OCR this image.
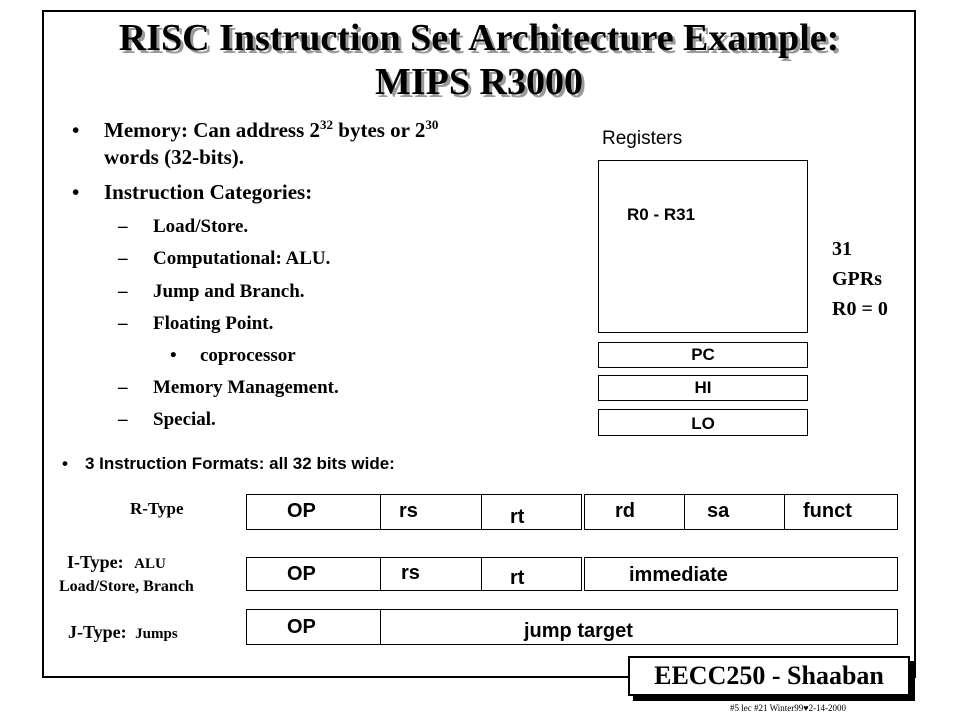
RISC Instruction Set Architecture Example:
MIPS R3000
• Memory: Can address $2^{32}$ bytes or $2^{30}$
words (32-bits).
• Instruction Categories:
– Load/Store.
– Computational: ALU.
– Jump and Branch.
– Floating Point.
• coprocessor
– Memory Management.
– Special.
Registers
R0 - R31
PC
HI
LO
31
GPRs
R0 = 0
• 3 Instruction Formats: all 32 bits wide:
R-Type	OP	rs	rt	rd	sa	funct
I-Type: ALU
Load/Store, Branch
OP	rs	rt	immediate
J-Type: Jumps	OP	jump target
EECC250 - Shaaban
#5 lec #21 Winter99♥2-14-2000
